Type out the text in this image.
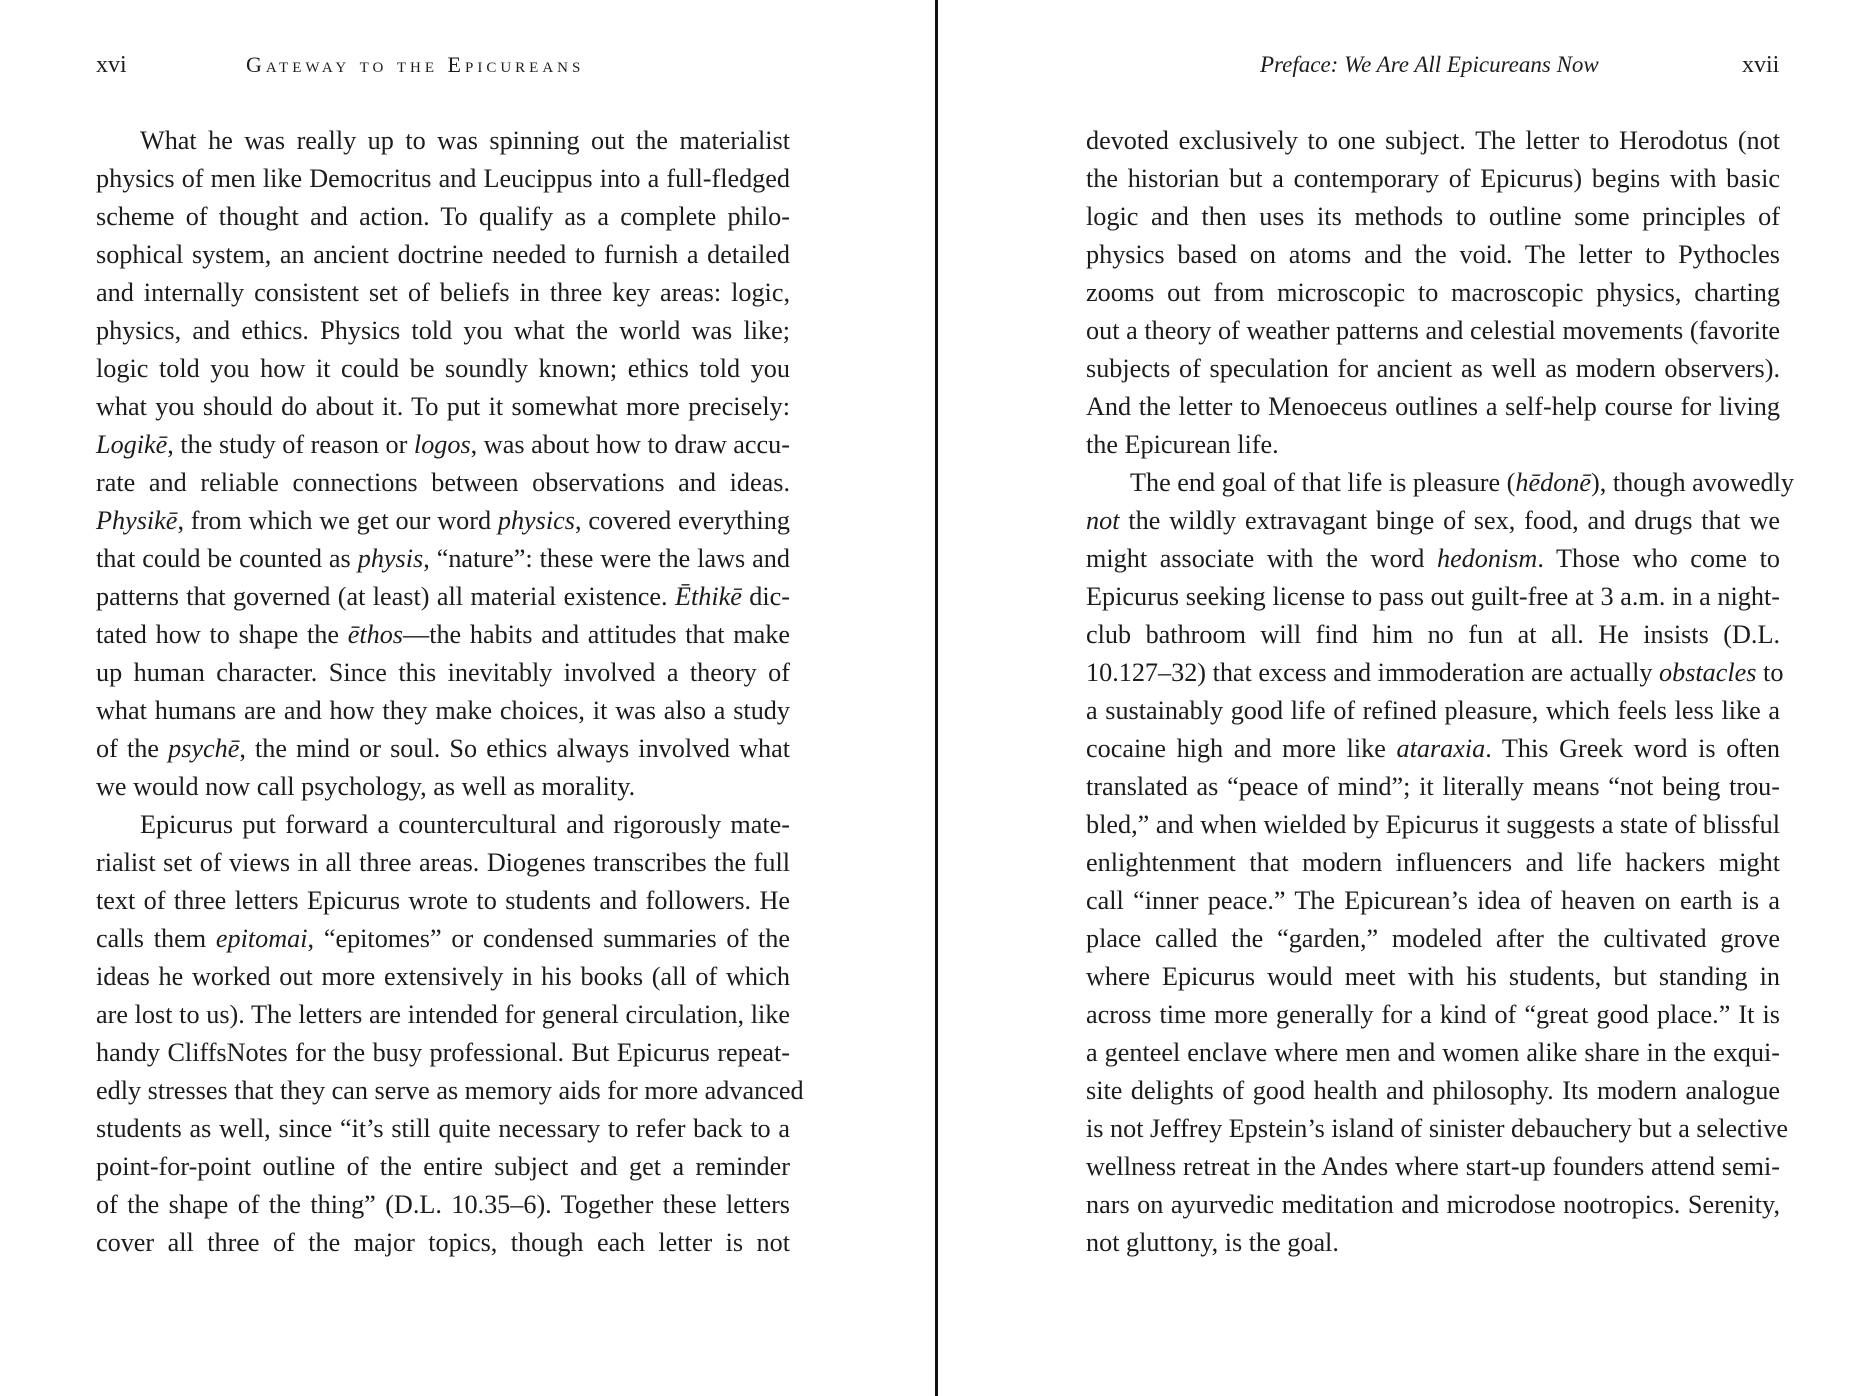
xvi	Gateway to the Epicureans
What he was really up to was spinning out the materialist
physics of men like Democritus and Leucippus into a full-fledged
scheme of thought and action. To qualify as a complete philo-
sophical system, an ancient doctrine needed to furnish a detailed
and internally consistent set of beliefs in three key areas: logic,
physics, and ethics. Physics told you what the world was like;
logic told you how it could be soundly known; ethics told you
what you should do about it. To put it somewhat more precisely:
Logikē, the study of reason or logos, was about how to draw accu-
rate and reliable connections between observations and ideas.
Physikē, from which we get our word physics, covered everything
that could be counted as physis, “nature”: these were the laws and
patterns that governed (at least) all material existence. Ēthikē dic-
tated how to shape the ēthos—the habits and attitudes that make
up human character. Since this inevitably involved a theory of
what humans are and how they make choices, it was also a study
of the psychē, the mind or soul. So ethics always involved what
we would now call psychology, as well as morality.
Epicurus put forward a countercultural and rigorously mate-
rialist set of views in all three areas. Diogenes transcribes the full
text of three letters Epicurus wrote to students and followers. He
calls them epitomai, “epitomes” or condensed summaries of the
ideas he worked out more extensively in his books (all of which
are lost to us). The letters are intended for general circulation, like
handy CliffsNotes for the busy professional. But Epicurus repeat-
edly stresses that they can serve as memory aids for more advanced
students as well, since “it’s still quite necessary to refer back to a
point-for-point outline of the entire subject and get a reminder
of the shape of the thing” (D.L. 10.35–6). Together these letters
cover all three of the major topics, though each letter is not
Preface: We Are All Epicureans Now	xvii
devoted exclusively to one subject. The letter to Herodotus (not
the historian but a contemporary of Epicurus) begins with basic
logic and then uses its methods to outline some principles of
physics based on atoms and the void. The letter to Pythocles
zooms out from microscopic to macroscopic physics, charting
out a theory of weather patterns and celestial movements (favorite
subjects of speculation for ancient as well as modern observers).
And the letter to Menoeceus outlines a self-help course for living
the Epicurean life.
The end goal of that life is pleasure (hēdonē), though avowedly
not the wildly extravagant binge of sex, food, and drugs that we
might associate with the word hedonism. Those who come to
Epicurus seeking license to pass out guilt-free at 3 a.m. in a night-
club bathroom will find him no fun at all. He insists (D.L.
10.127–32) that excess and immoderation are actually obstacles to
a sustainably good life of refined pleasure, which feels less like a
cocaine high and more like ataraxia. This Greek word is often
translated as “peace of mind”; it literally means “not being trou-
bled,” and when wielded by Epicurus it suggests a state of blissful
enlightenment that modern influencers and life hackers might
call “inner peace.” The Epicurean’s idea of heaven on earth is a
place called the “garden,” modeled after the cultivated grove
where Epicurus would meet with his students, but standing in
across time more generally for a kind of “great good place.” It is
a genteel enclave where men and women alike share in the exqui-
site delights of good health and philosophy. Its modern analogue
is not Jeffrey Epstein’s island of sinister debauchery but a selective
wellness retreat in the Andes where start-up founders attend semi-
nars on ayurvedic meditation and microdose nootropics. Serenity,
not gluttony, is the goal.
